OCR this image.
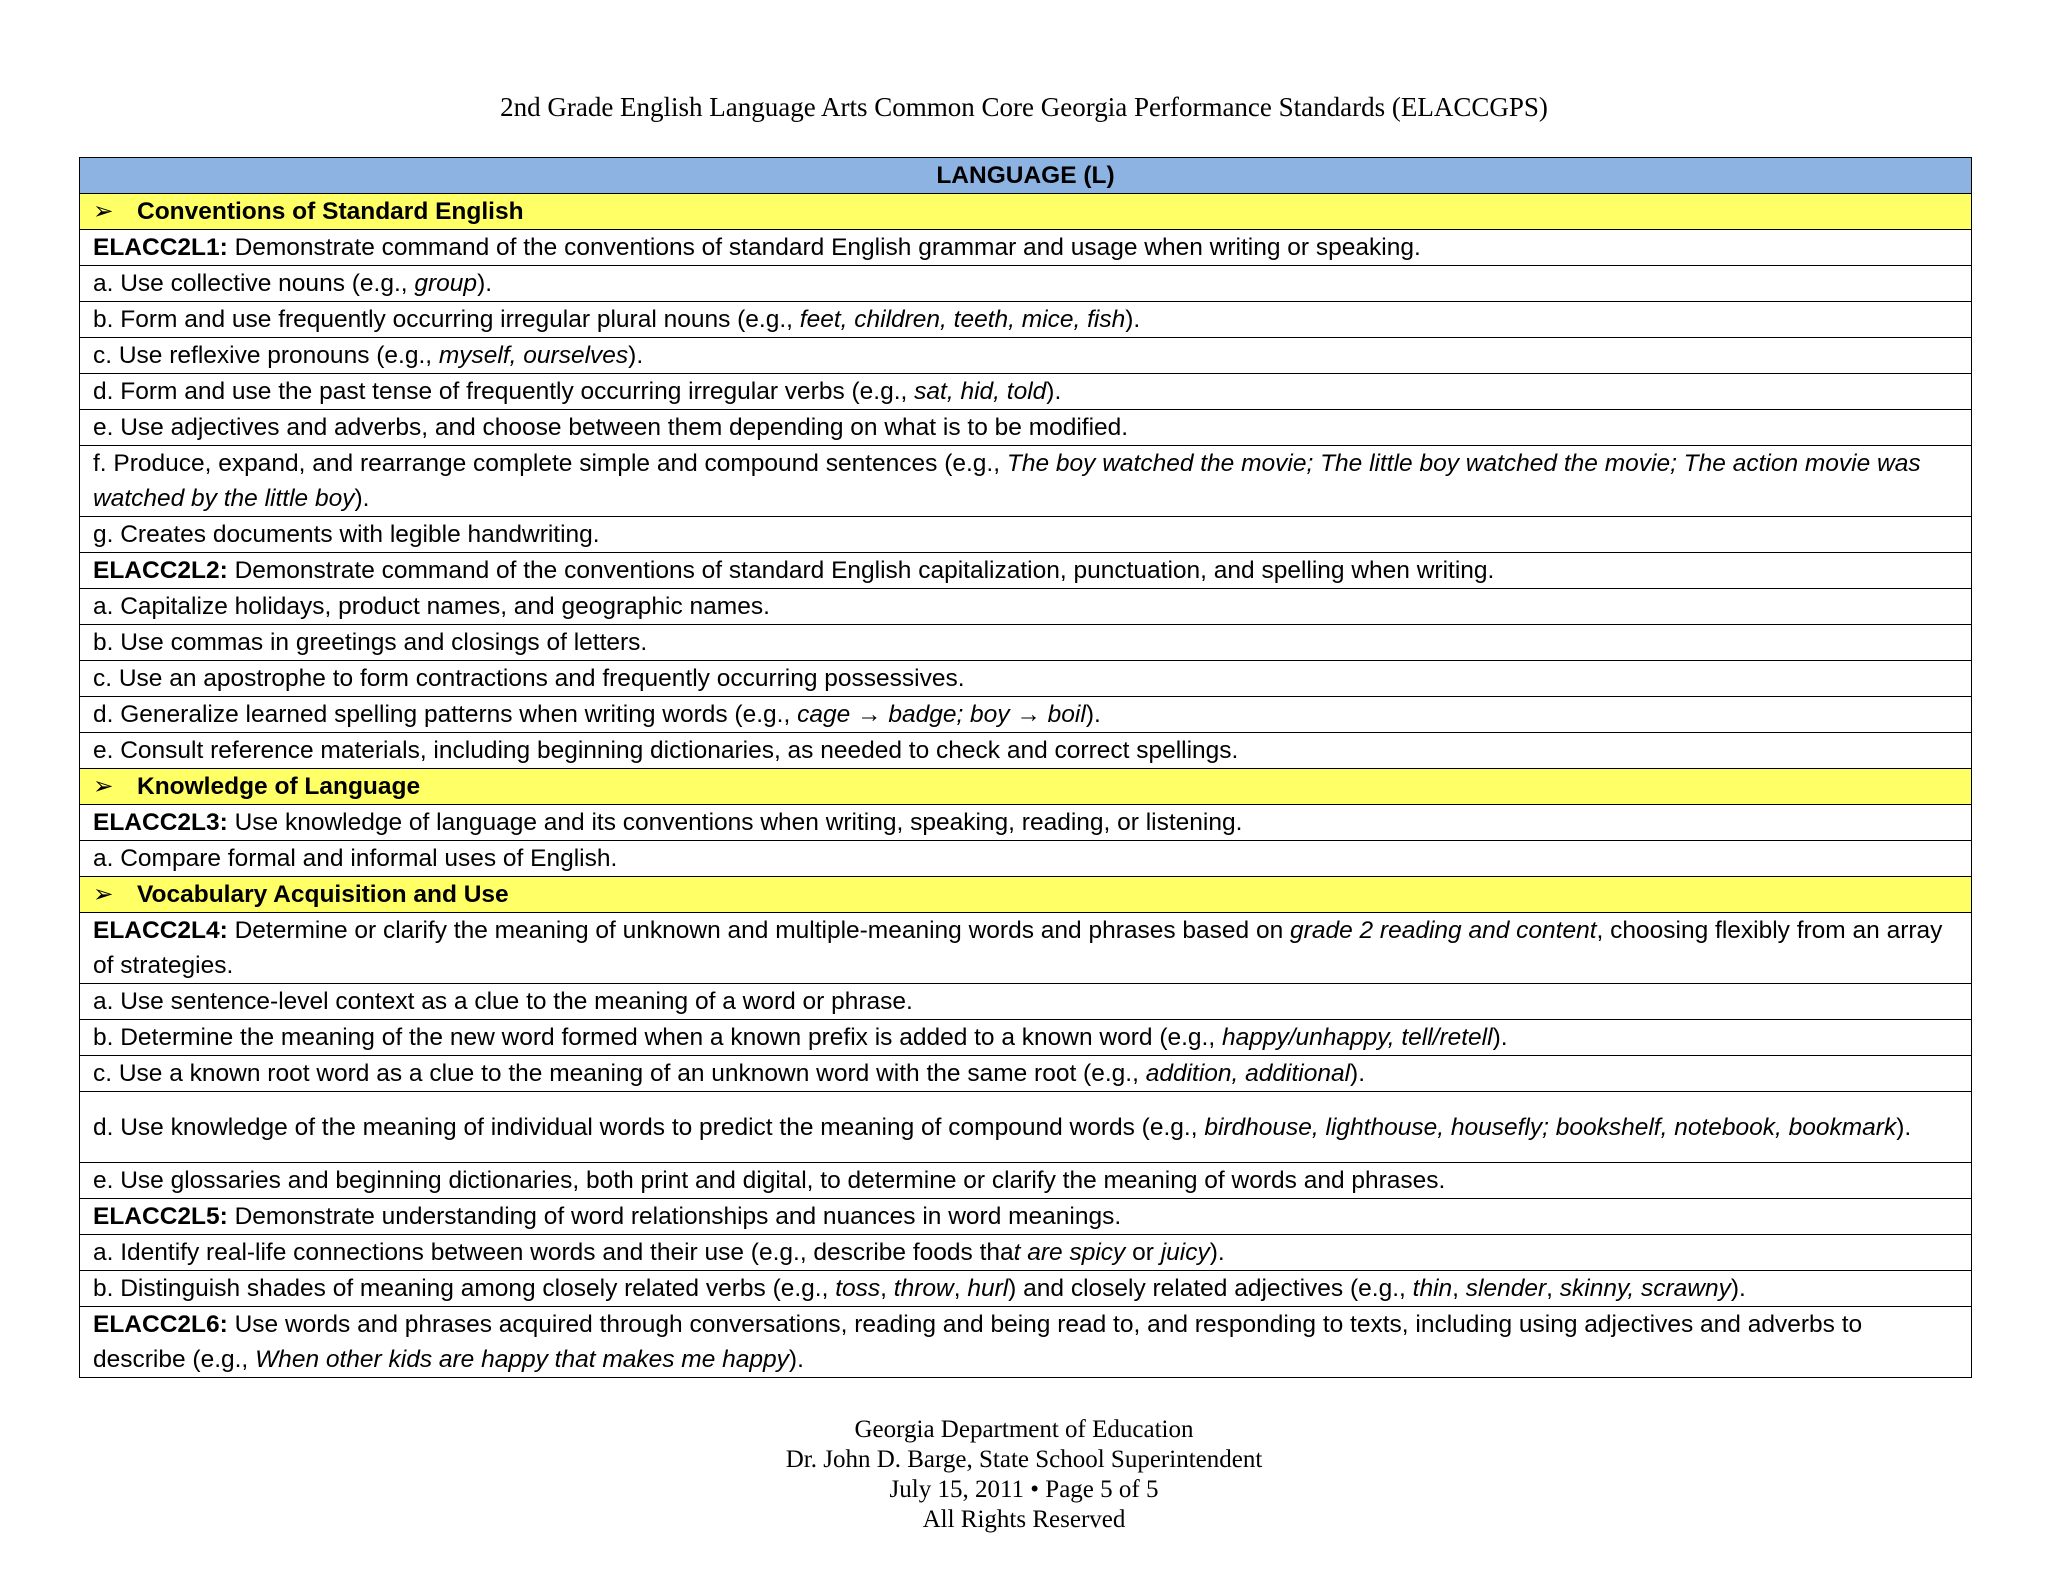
2nd Grade English Language Arts Common Core Georgia Performance Standards (ELACCGPS)
LANGUAGE (L)
➢ Conventions of Standard English
ELACC2L1: Demonstrate command of the conventions of standard English grammar and usage when writing or speaking.
a. Use collective nouns (e.g., group).
b. Form and use frequently occurring irregular plural nouns (e.g., feet, children, teeth, mice, fish).
c. Use reflexive pronouns (e.g., myself, ourselves).
d. Form and use the past tense of frequently occurring irregular verbs (e.g., sat, hid, told).
e. Use adjectives and adverbs, and choose between them depending on what is to be modified.
f. Produce, expand, and rearrange complete simple and compound sentences (e.g., The boy watched the movie; The little boy watched the movie; The action movie was watched by the little boy).
g. Creates documents with legible handwriting.
ELACC2L2: Demonstrate command of the conventions of standard English capitalization, punctuation, and spelling when writing.
a. Capitalize holidays, product names, and geographic names.
b. Use commas in greetings and closings of letters.
c. Use an apostrophe to form contractions and frequently occurring possessives.
d. Generalize learned spelling patterns when writing words (e.g., cage → badge; boy → boil).
e. Consult reference materials, including beginning dictionaries, as needed to check and correct spellings.
➢ Knowledge of Language
ELACC2L3: Use knowledge of language and its conventions when writing, speaking, reading, or listening.
a. Compare formal and informal uses of English.
➢ Vocabulary Acquisition and Use
ELACC2L4: Determine or clarify the meaning of unknown and multiple-meaning words and phrases based on grade 2 reading and content, choosing flexibly from an array of strategies.
a. Use sentence-level context as a clue to the meaning of a word or phrase.
b. Determine the meaning of the new word formed when a known prefix is added to a known word (e.g., happy/unhappy, tell/retell).
c. Use a known root word as a clue to the meaning of an unknown word with the same root (e.g., addition, additional).
d. Use knowledge of the meaning of individual words to predict the meaning of compound words (e.g., birdhouse, lighthouse, housefly; bookshelf, notebook, bookmark).
e. Use glossaries and beginning dictionaries, both print and digital, to determine or clarify the meaning of words and phrases.
ELACC2L5: Demonstrate understanding of word relationships and nuances in word meanings.
a. Identify real-life connections between words and their use (e.g., describe foods that are spicy or juicy).
b. Distinguish shades of meaning among closely related verbs (e.g., toss, throw, hurl) and closely related adjectives (e.g., thin, slender, skinny, scrawny).
ELACC2L6: Use words and phrases acquired through conversations, reading and being read to, and responding to texts, including using adjectives and adverbs to describe (e.g., When other kids are happy that makes me happy).
Georgia Department of Education
Dr. John D. Barge, State School Superintendent
July 15, 2011 • Page 5 of 5
All Rights Reserved
